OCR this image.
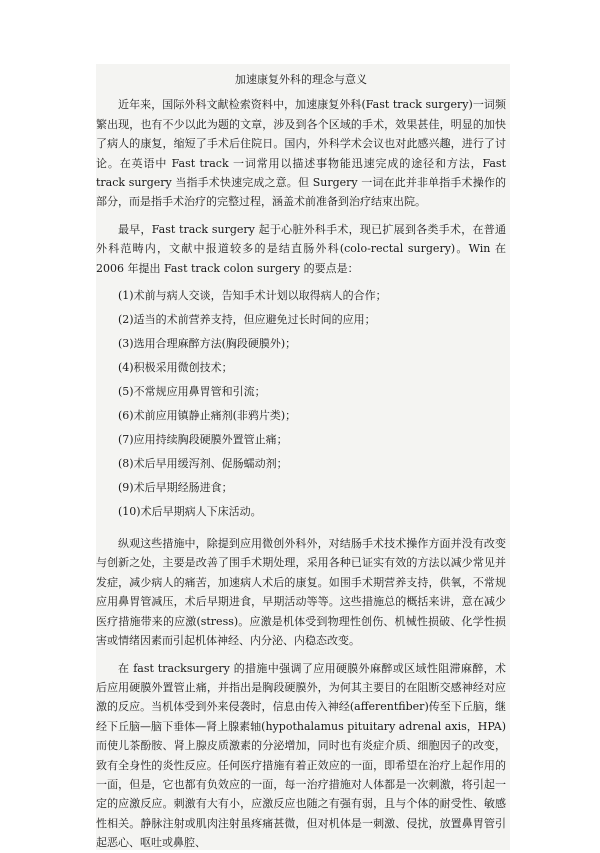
加速康复外科的理念与意义

近年来，国际外科文献检索资料中，加速康复外科(Fast track surgery)一词频繁出现，也有不少以此为题的文章，涉及到各个区域的手术，效果甚佳，明显的加快了病人的康复，缩短了手术后住院日。国内，外科学术会议也对此感兴趣，进行了讨论。在英语中 Fast track 一词常用以描述事物能迅速完成的途径和方法，Fast track surgery 当指手术快速完成之意。但 Surgery 一词在此并非单指手术操作的部分，而是指手术治疗的完整过程，涵盖术前准备到治疗结束出院。

最早，Fast track surgery 起于心脏外科手术，现已扩展到各类手术，在普通外科范畴内，文献中报道较多的是结直肠外科(colo-rectal surgery)。Win 在 2006 年提出 Fast track colon surgery 的要点是：

(1)术前与病人交谈，告知手术计划以取得病人的合作；

(2)适当的术前营养支持，但应避免过长时间的应用；

(3)选用合理麻醉方法(胸段硬膜外)；

(4)积极采用微创技术；

(5)不常规应用鼻胃管和引流；

(6)术前应用镇静止痛剂(非鸦片类)；

(7)应用持续胸段硬膜外置管止痛；

(8)术后早用缓泻剂、促肠蠕动剂；

(9)术后早期经肠进食；

(10)术后早期病人下床活动。

纵观这些措施中，除提到应用微创外科外，对结肠手术技术操作方面并没有改变与创新之处，主要是改善了围手术期处理，采用各种已证实有效的方法以减少常见并发症，减少病人的痛苦，加速病人术后的康复。如围手术期营养支持，供氧，不常规应用鼻胃管减压，术后早期进食，早期活动等等。这些措施总的概括来讲，意在减少医疗措施带来的应激(stress)。应激是机体受到物理性创伤、机械性损破、化学性损害或情绪因素而引起机体神经、内分泌、内稳态改变。

在 fast tracksurgery 的措施中强调了应用硬膜外麻醉或区域性阻滞麻醉，术后应用硬膜外置管止痛，并指出是胸段硬膜外，为何其主要目的在阻断交感神经对应激的反应。当机体受到外来侵袭时，信息由传入神经(afferentfiber)传至下丘脑，继经下丘脑—脑下垂体—肾上腺素轴(hypothalamus pituitary adrenal axis，HPA)而使儿茶酚胺、肾上腺皮质激素的分泌增加，同时也有炎症介质、细胞因子的改变，致有全身性的炎性反应。任何医疗措施有着正效应的一面，即希望在治疗上起作用的一面，但是，它也都有负效应的一面，每一治疗措施对人体都是一次刺激，将引起一定的应激反应。刺激有大有小，应激反应也随之有强有弱，且与个体的耐受性、敏感性相关。静脉注射或肌肉注射虽疼痛甚微，但对机体是一刺激、侵扰，放置鼻胃管引起恶心、呕吐或鼻腔、
